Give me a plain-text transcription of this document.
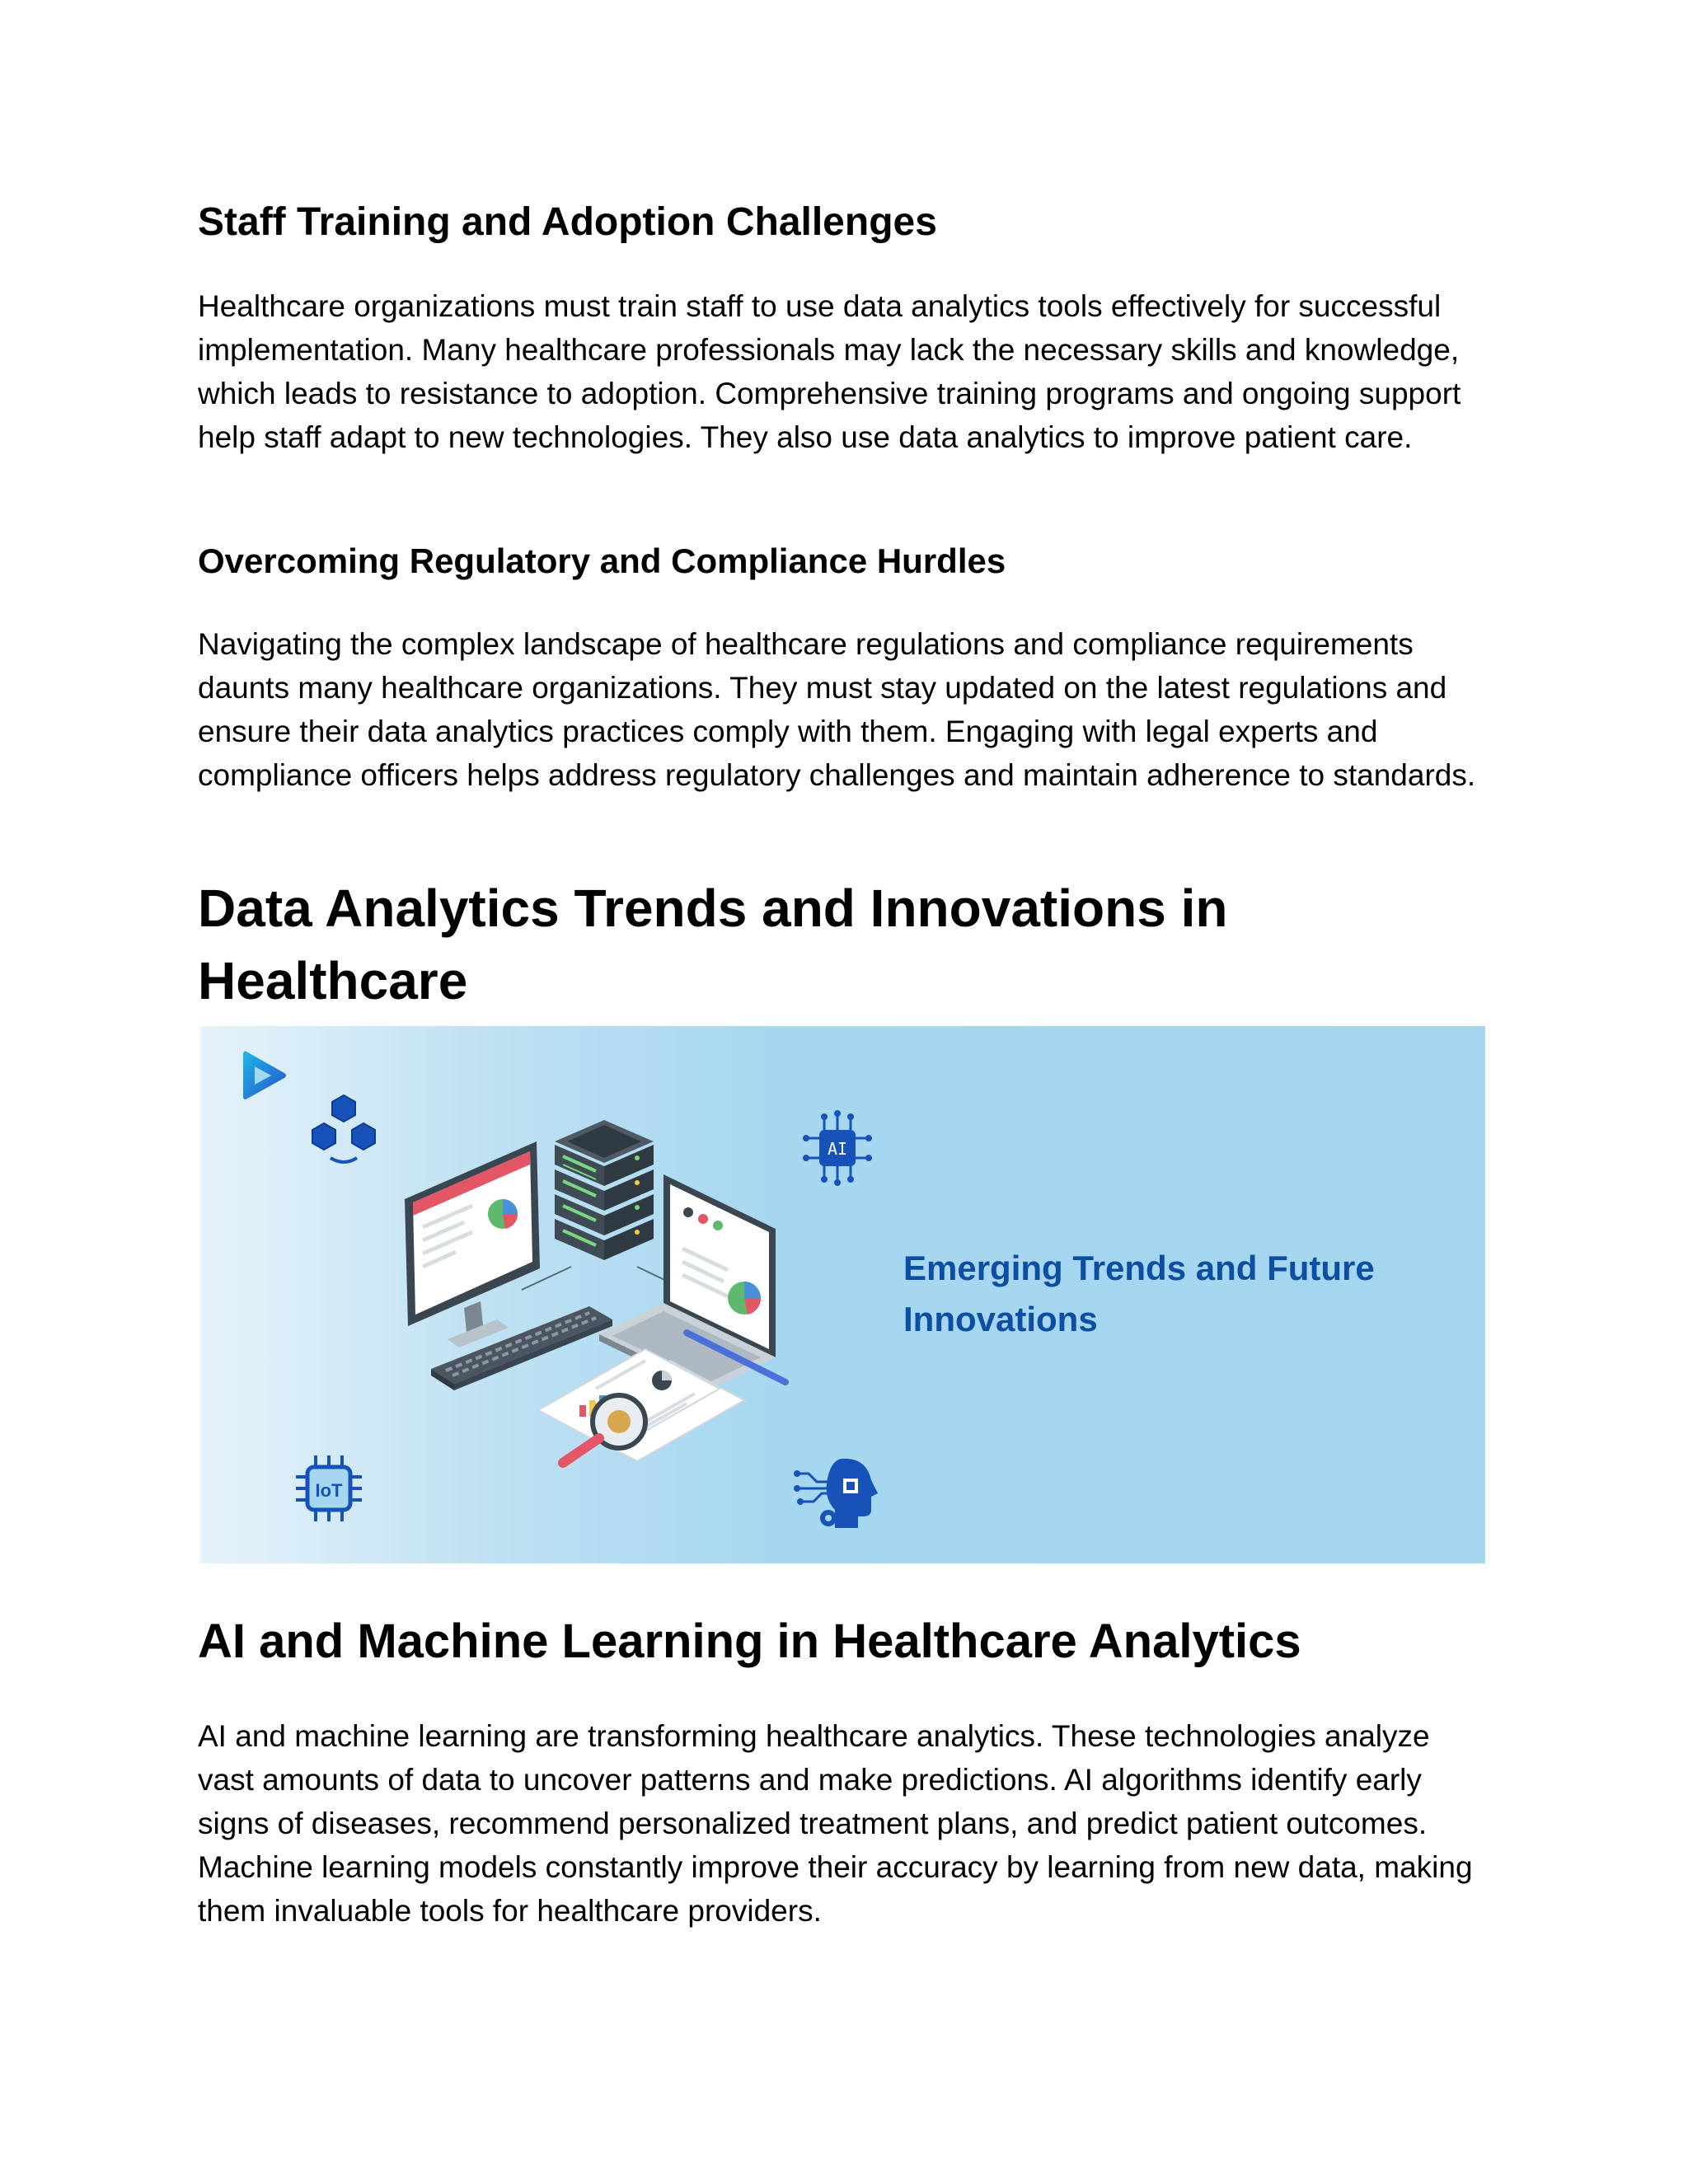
Staff Training and Adoption Challenges

Healthcare organizations must train staff to use data analytics tools effectively for successful implementation. Many healthcare professionals may lack the necessary skills and knowledge, which leads to resistance to adoption. Comprehensive training programs and ongoing support help staff adapt to new technologies. They also use data analytics to improve patient care.

Overcoming Regulatory and Compliance Hurdles

Navigating the complex landscape of healthcare regulations and compliance requirements daunts many healthcare organizations. They must stay updated on the latest regulations and ensure their data analytics practices comply with them. Engaging with legal experts and compliance officers helps address regulatory challenges and maintain adherence to standards.

Data Analytics Trends and Innovations in Healthcare
AI
IoT
Emerging Trends and Future Innovations
AI and Machine Learning in Healthcare Analytics

AI and machine learning are transforming healthcare analytics. These technologies analyze vast amounts of data to uncover patterns and make predictions. AI algorithms identify early signs of diseases, recommend personalized treatment plans, and predict patient outcomes. Machine learning models constantly improve their accuracy by learning from new data, making them invaluable tools for healthcare providers.
